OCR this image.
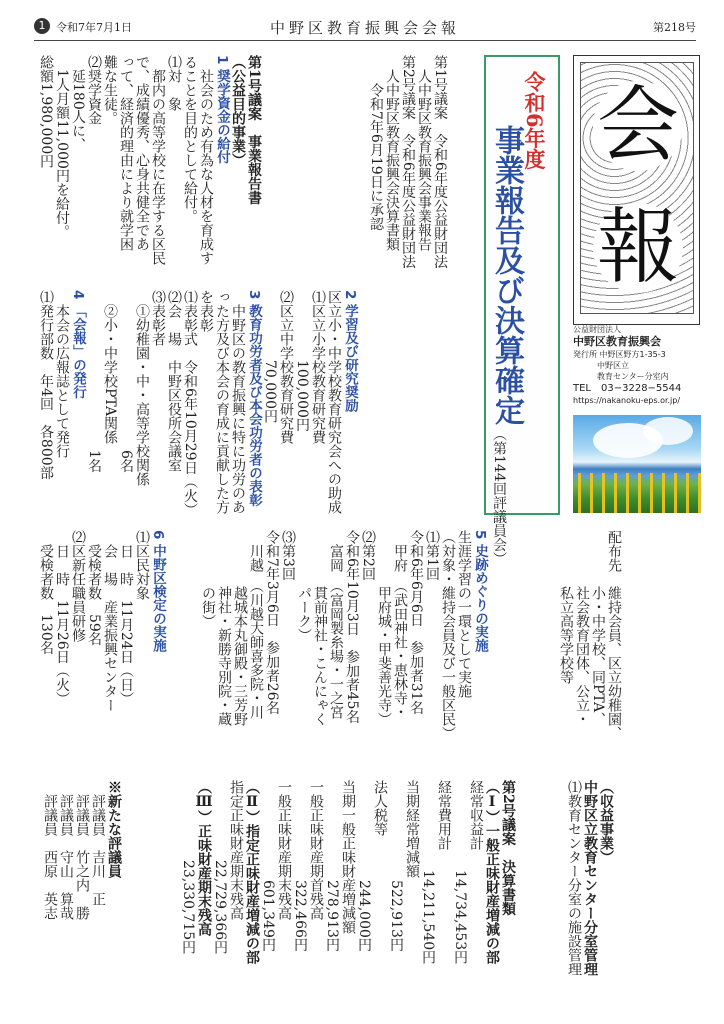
1 令和7年7月1日	中野区教育振興会会報	第218号
会
報
公益財団法人
中野区教育振興会
発行所 中野区野方1-35-3
中野区立
教育センター分室内
TEL　03−3228−5544
https://nakanoku-eps.or.jp/
令和6年度
事業報告及び決算確定
（第144回評議員会）
第1号議案　令和6年度公益財団法
人中野区教育振興会事業報告
第2号議案　令和6年度公益財団法
人中野区教育振興会決算書類
令和7年6月19日に承認
第1号議案　事業報告書
（公益目的事業）
1 奨学資金の給付
社会のため有為な人材を育成す
ることを目的として給付。
⑴対　象
都内の高等学校に在学する区民
で、成績優秀、心身共健全であ
って、経済的理由により就学困
難な生徒。
⑵奨学資金
延180人に、
1人月額11,000円を給付。
総額1,980,000円
2 学習及び研究奨励
区立小・中学校教育研究会への助成
⑴区立小学校教育研究費
100,000円
⑵区立中学校教育研究費
70,000円
3 教育功労者及び本会功労者の表彰
中野区の教育振興に特に功労のあ
った方及び本会の育成に貢献した方
を表彰
⑴表彰式　令和6年10月29日（火）
⑵会　場　中野区役所会議室
⑶表彰者
①幼稚園・中・高等学校関係
6名
②小・中学校PTA関係
1名
4 「会報」の発行
本会の広報誌として発行
⑴発行部数　年4回　各800部
配布先　維持会員、区立幼稚園、
小・中学校、同PTA、
社会教育団体、公立・
私立高等学校等
5 史跡めぐりの実施
生涯学習の一環として実施
（対象・維持会員及び一般区民）
⑴第1回
令和6年6月6日　参加者31名
甲府　（武田神社・恵林寺・
甲府城・甲斐善光寺）
⑵第2回
令和6年10月3日　参加者45名
富岡　（富岡製糸場・一之宮
貫前神社・こんにゃく
パーク）
⑶第3回
令和7年3月6日　参加者26名
川越　（川越大師喜多院・川
越城本丸御殿・三芳野
神社・新勝寺別院・蔵
の街）
6 中野区検定の実施
⑴区民対象
日　時　11月24日（日）
会　場　産業振興センター
受検者数　59名
⑵区新任職員研修
日　時　11月26日（火）
受検者数　130名
（収益事業）
中野区立教育センター分室管理
⑴教育センター分室の施設管理
第2号議案　決算書類
（Ⅰ）一般正味財産増減の部
経常収益計
14,734,453円
経常費用計
14,211,540円
当期経常増減額
522,913円
法人税等
244,000円
当期一般正味財産増減額
278,913円
一般正味財産期首残高
322,466円
一般正味財産期末残高
601,349円
（Ⅱ）指定正味財産増減の部
指定正味財産期末残高
22,729,366円
（Ⅲ）正味財産期末残高
23,330,715円
※新たな評議員
評議員　吉川　正
評議員　竹之内　勝
評議員　守山　算哉
評議員　西原　英志
